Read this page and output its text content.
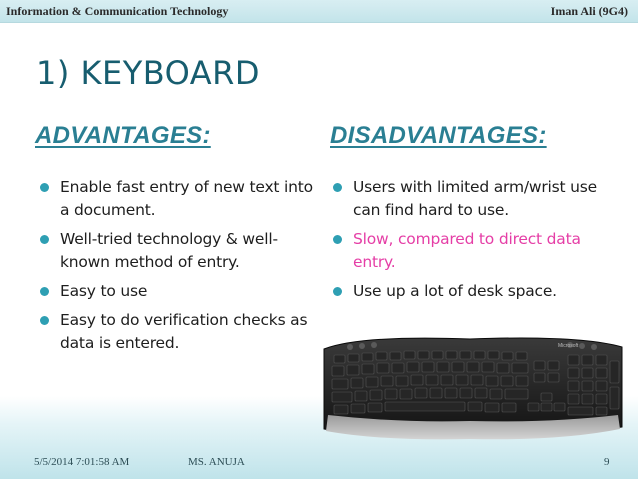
Information & Communication Technology	Iman Ali (9G4)
1) KEYBOARD
ADVANTAGES:	DISADVANTAGES:
Enable fast entry of new text into a document.
Well-tried technology & well-known method of entry.
Easy to use
Easy to do verification checks as data is entered.
Users with limited arm/wrist use can find hard to use.
Slow, compared to direct data entry.
Use up a lot of desk space.
Microsoft
5/5/2014 7:01:58 AM	MS. ANUJA	9
